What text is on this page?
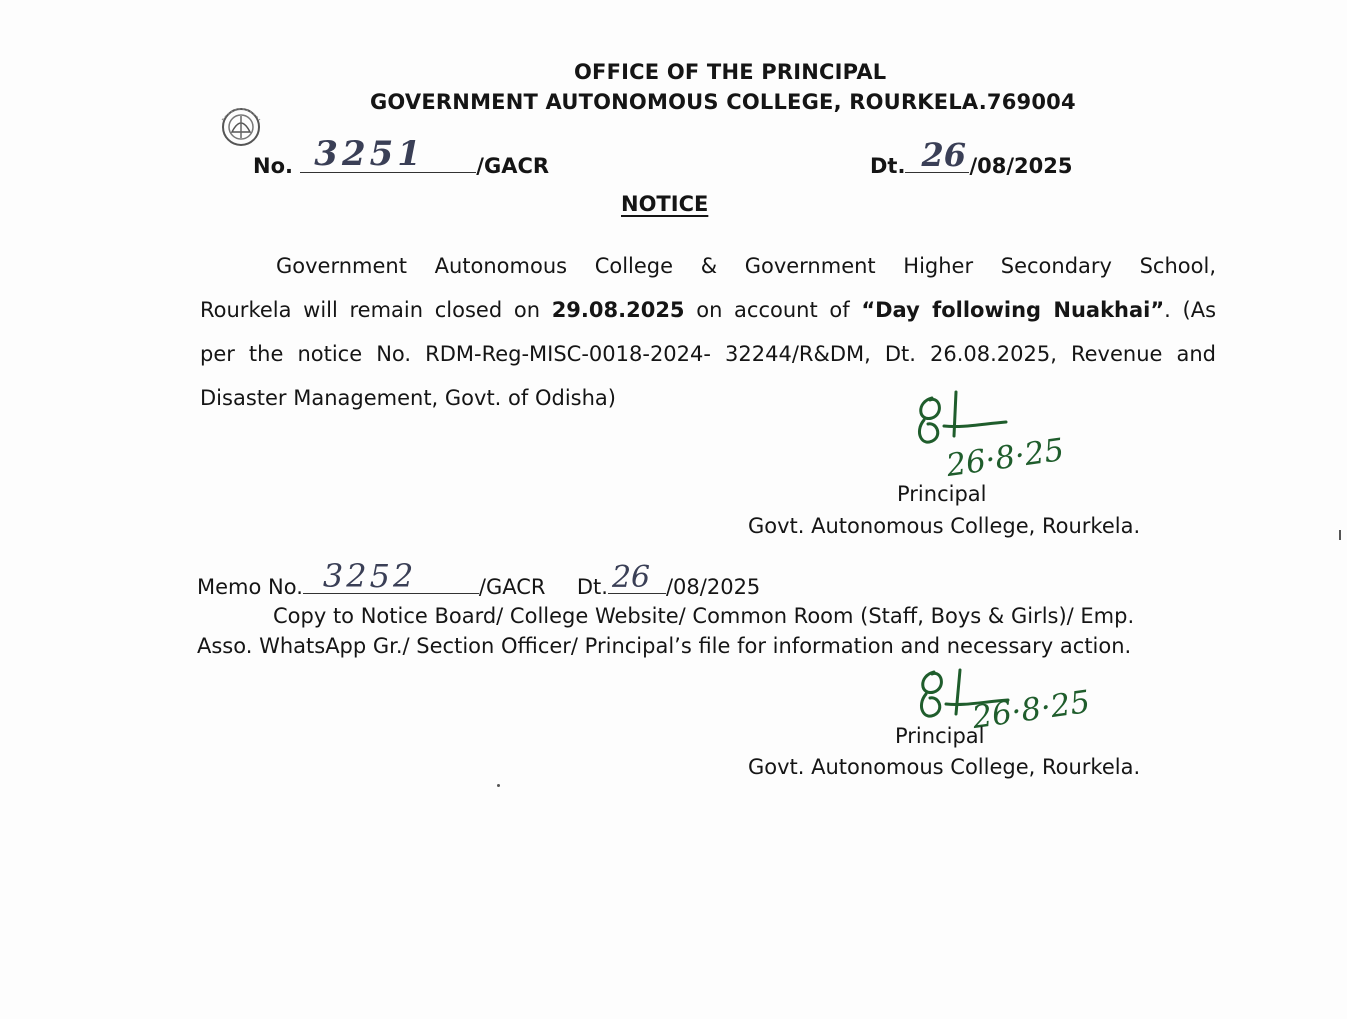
OFFICE OF THE PRINCIPAL
GOVERNMENT AUTONOMOUS COLLEGE, ROURKELA.769004
No. 3251 /GACR	Dt. 26 /08/2025
NOTICE
Government Autonomous College & Government Higher Secondary School,
Rourkela will remain closed on 29.08.2025 on account of “Day following Nuakhai”. (As
per the notice No. RDM-Reg-MISC-0018-2024- 32244/R&DM, Dt. 26.08.2025, Revenue and
Disaster Management, Govt. of Odisha)
26·8·25
Principal
Govt. Autonomous College, Rourkela.
Memo No. 3252	/GACR Dt. 26 /08/2025
Copy to Notice Board/ College Website/ Common Room (Staff, Boys & Girls)/ Emp.
Asso. WhatsApp Gr./ Section Officer/ Principal’s file for information and necessary action.
26·8·25
Principal
Govt. Autonomous College, Rourkela.
